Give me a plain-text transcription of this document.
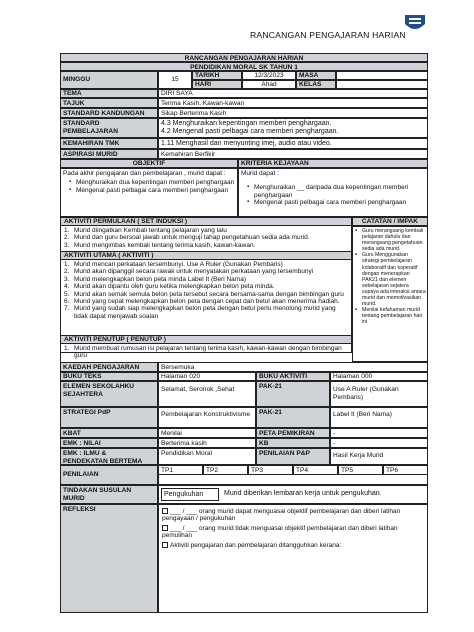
RANCANGAN PENGAJARAN HARIAN
RANCANGAN PENGAJARAN HARIAN
PENDIDIKAN MORAL SK TAHUN 1
MINGGU	15
TARIKH	12/3/2023	MASA
HARI	Ahad	KELAS
TEMA	DIRI SAYA
TAJUK	Terima Kasih, Kawan-kawan
STANDARD KANDUNGAN	Sikap Berterima Kasih
STANDARD
PEMBELAJARAN
4.3 Menghuraikan kepentingan memberi penghargaan.
4.2 Mengenal pasti pelbagai cara memberi penghargaan.
KEMAHIRAN TMK	1.11 Menghasil dan menyunting imej, audio atau video.
ASPIRASI MURID	Kemahiran Berfikir
OBJEKTIF	KRITERIA KEJAYAAN
Pada akhir pengajaran dan pembelajaran , murid dapat :
▪ Menghuraikan dua kepentingan memberi penghargaan
▪ Mengenal pasti pelbagai cara memberi penghargaan
Murid dapat :
▪ Menghuraikan __ daripada dua kepentingan memberi penghargaan
▪ Mengenal pasti pelbagai cara memberi penghargaan
AKTIVITI PERMULAAN ( SET INDUKSI )	CATATAN / IMPAK
1. Murid diingatkan Kembali tentang pelajaran yang lalu
2. Murid dan guru bersoal jawab untuk menguji tahap pengetahuan sedia ada murid.
3. Murid mengimbas kembali tentang terima kasih, kawan-kawan.
AKTIVITI UTAMA ( AKTIVITI )
1. Murid mencari perkataan tersembunyi. Use A Ruler (Gunakan Pembaris)
2. Murid akan dipanggil secara rawak untuk menyatakan perkataan yang tersembunyi
3. Murid melengkapkan belon peta minda Label It (Beri Nama)
4. Murid akan dipantu oleh guru ketika melengkapkan belon peta minda.
5. Murid akan semak semula belon peta tersebut secara bersama-sama dengan bimbingan guru
6. Murid yang cepat melengkapkan belon peta dengan cepat dan betul akan menerima hadiah.
7. Murid yang sudah siap melengkapkan belon peta dengan betul perlu menolong murid yang tidak dapat menjawab soalan
AKTIVITI PENUTUP ( PENUTUP )
1. Murid membuat rumusan isi pelajaran tentang terima kasih, kawan-kawan dengan bimbingan guru
▪ Guru merangsang kembali pelajaran dahulu dan merangsang pengetahuan sedia ada murid.
▪ Guru Menggunakan strategi pembelajaran kolaboratif dan koperatif dengan menerapkan PAK21 dan elemen sebelajaran sejatera supaya ada interaksi antara murid dan memotivasikan murid.
▪ Menilai kefahaman murid tentang pembelajaran hari ini
KAEDAH PENGAJARAN	Bersemuka
BUKU TEKS	Halaman 020	BUKU AKTIVITI	Halaman 000
ELEMEN SEKOLAHKU
SEJAHTERA
Selamat, Seronok ,Sehat	PAK-21	Use A Ruler (Gunakan Pembaris)
STRATEGI PdP	Pembelajaran Konstruktivisme	PAK-21	Label It (Beri Nama)
KBAT	Menilai	PETA PEMIKIRAN	-
EMK : NILAI	Berterima kasih	KB	-
EMK : ILMU &
PENDEKATAN BERTEMA
Pendidikan Moral	PENILAIAN P&P	Hasil Kerja Murid
PENILAIAN
TP1	TP2	TP3	TP4	TP5	TP6
TINDAKAN SUSULAN
MURID
Pengukuhan	Murid diberikan lembaran kerja untuk pengukuhan.
REFLEKSI	___ / ___ orang murid dapat menguasai objektif pembelajaran dan diberi latihan pengayaan / pengukuhan
___ / ___ orang murid tidak menguasai objektif pembelajaran dan diberi latihan pemulihan
Aktiviti pengajaran dan pembelajaran ditangguhkan kerana:
